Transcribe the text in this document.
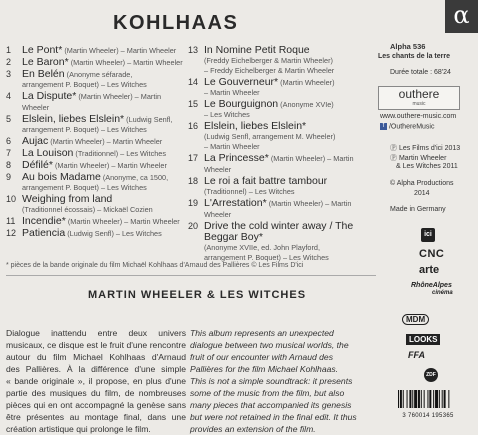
KOHLHAAS	α
1	Le Pont* (Martin Wheeler) – Martin Wheeler
2	Le Baron* (Martin Wheeler) – Martin Wheeler
3	En Belén (Anonyme séfarade,
arrangement P. Boquet) – Les Witches
4	La Dispute* (Martin Wheeler) – Martin Wheeler
5	Elslein, liebes Elslein* (Ludwig Senfl,
arrangement P. Boquet) – Les Witches
6	Aujac (Martin Wheeler) – Martin Wheeler
7	La Louison (Traditionnel) – Les Witches
8	Défilé* (Martin Wheeler) – Martin Wheeler
9	Au bois Madame (Anonyme, ca 1500,
arrangement P. Boquet) – Les Witches
10 Weighing from land
(Traditionnel écossais) – Mickaël Cozien
11 Incendie* (Martin Wheeler) – Martin Wheeler
12 Patiencia (Ludwig Senfl) – Les Witches
13 In Nomine Petit Roque
(Freddy Eichelberger & Martin Wheeler)
– Freddy Eichelberger & Martin Wheeler
14 Le Gouverneur* (Martin Wheeler)
– Martin Wheeler
15 Le Bourguignon (Anonyme XVIe)
– Les Witches
16 Elslein, liebes Elslein*
(Ludwig Senfl, arrangement M. Wheeler)
– Martin Wheeler
17 La Princesse* (Martin Wheeler) – Martin Wheeler
18 Le roi a fait battre tambour
(Traditionnel) – Les Witches
19 L'Arrestation* (Martin Wheeler) – Martin Wheeler
20 Drive the cold winter away / The Beggar Boy*
(Anonyme XVIIe, ed. John Playford,
arrangement P. Boquet) – Les Witches
Alpha 536
Les chants de la terre
Durée totale : 68'24
outhere
music
www.outhere-music.com
f /OuthereMusic
Ⓟ Les Films d'ici 2013
Ⓟ Martin Wheeler
& Les Witches 2011
© Alpha Productions
2014
Made in Germany
* pièces de la bande originale du film Michaël Kohlhaas d'Arnaud des Pallières © Les Films D'ici
MARTIN WHEELER & LES WITCHES
Dialogue inattendu entre deux univers
musicaux, ce disque est le fruit d'une rencontre
autour du film Michael Kohlhaas d'Arnaud
des Pallières. À la différence d'une simple
« bande originale », il propose, en plus d'une
partie des musiques du film, de nombreuses
pièces qui en ont accompagné la genèse sans
être présentes au montage final, dans une
création artistique qui prolonge le film.
This album represents an unexpected
dialogue between two musical worlds, the
fruit of our encounter with Arnaud des
Pallières for the film Michael Kohlhaas.
This is not a simple soundtrack: it presents
some of the music from the film, but also
many pieces that accompanied its genesis
but were not retained in the final edit. It thus
provides an extension of the film.
ici
CNC
arte
RhôneAlpes
cinéma
MDM
LOOKS
FFA
ZDF
3 760014 195365
